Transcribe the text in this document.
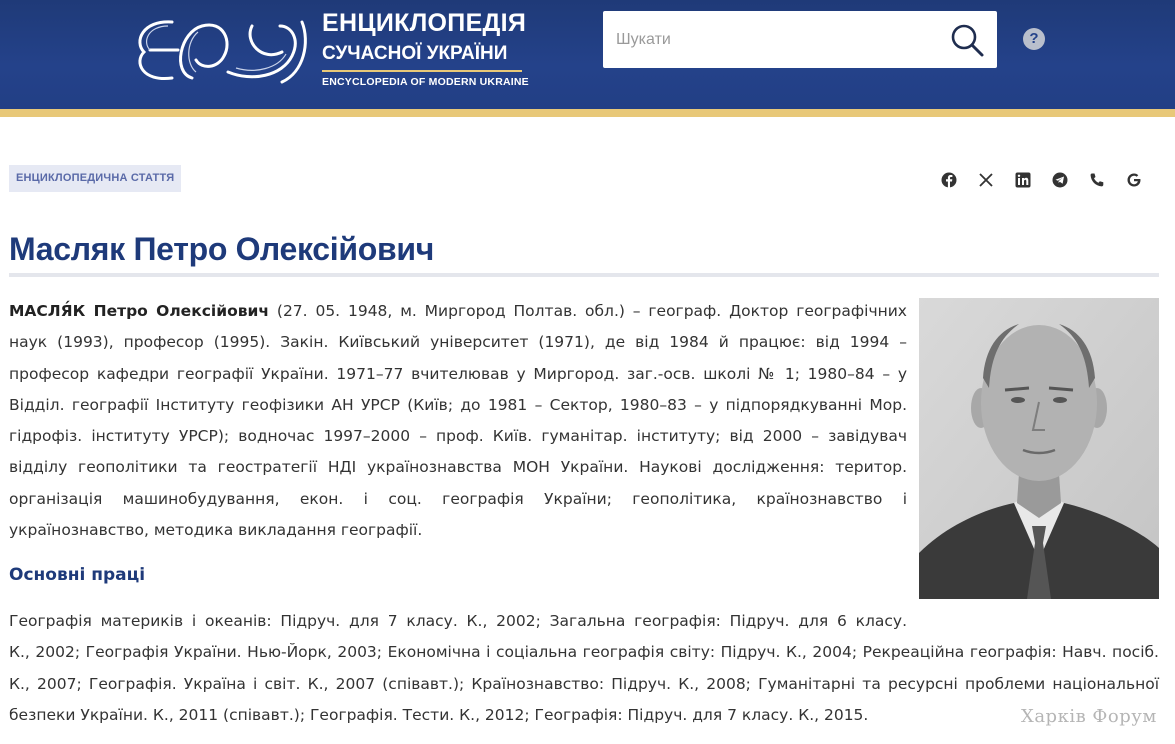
ЕНЦИКЛОПЕДІЯ
СУЧАСНОЇ УКРАЇНИ
ENCYCLOPEDIA OF MODERN UKRAINE
Шукати
?
ЕНЦИКЛОПЕДИЧНА СТАТТЯ
Масляк Петро Олексійович
МАСЛЯ́К Петро Олексійович (27. 05. 1948, м. Миргород Полтав. обл.) – географ. Доктор географічних наук (1993), професор (1995). Закін. Київський університет (1971), де від 1984 й працює: від 1994 – професор кафедри географії України. 1971–77 вчителював у Миргород. заг.-осв. школі № 1; 1980–84 – у Відділ. географії Інституту геофізики АН УРСР (Київ; до 1981 – Сектор, 1980–83 – у підпорядкуванні Мор. гідрофіз. інституту УРСР); водночас 1997–2000 – проф. Київ. гуманітар. інституту; від 2000 – завідувач відділу геополітики та геостратегії НДІ українознавства МОН України. Наукові дослідження: територ. організація машинобудування, екон. і соц. географія України; геополітика, країнознавство і українознавство, методика викладання географії.
Основні праці
Географія материків і океанів: Підруч. для 7 класу. К., 2002; Загальна географія: Підруч. для 6 класу.
К., 2002; Географія України. Нью-Йорк, 2003; Економічна і соціальна географія світу: Підруч. К., 2004; Рекреаційна географія: Навч. посіб. К., 2007; Географія. Україна і світ. К., 2007 (співавт.); Країнознавство: Підруч. К., 2008; Гуманітарні та ресурсні проблеми національної безпеки України. К., 2011 (співавт.); Географія. Тести. К., 2012; Географія: Підруч. для 7 класу. К., 2015.	Харків Форум
